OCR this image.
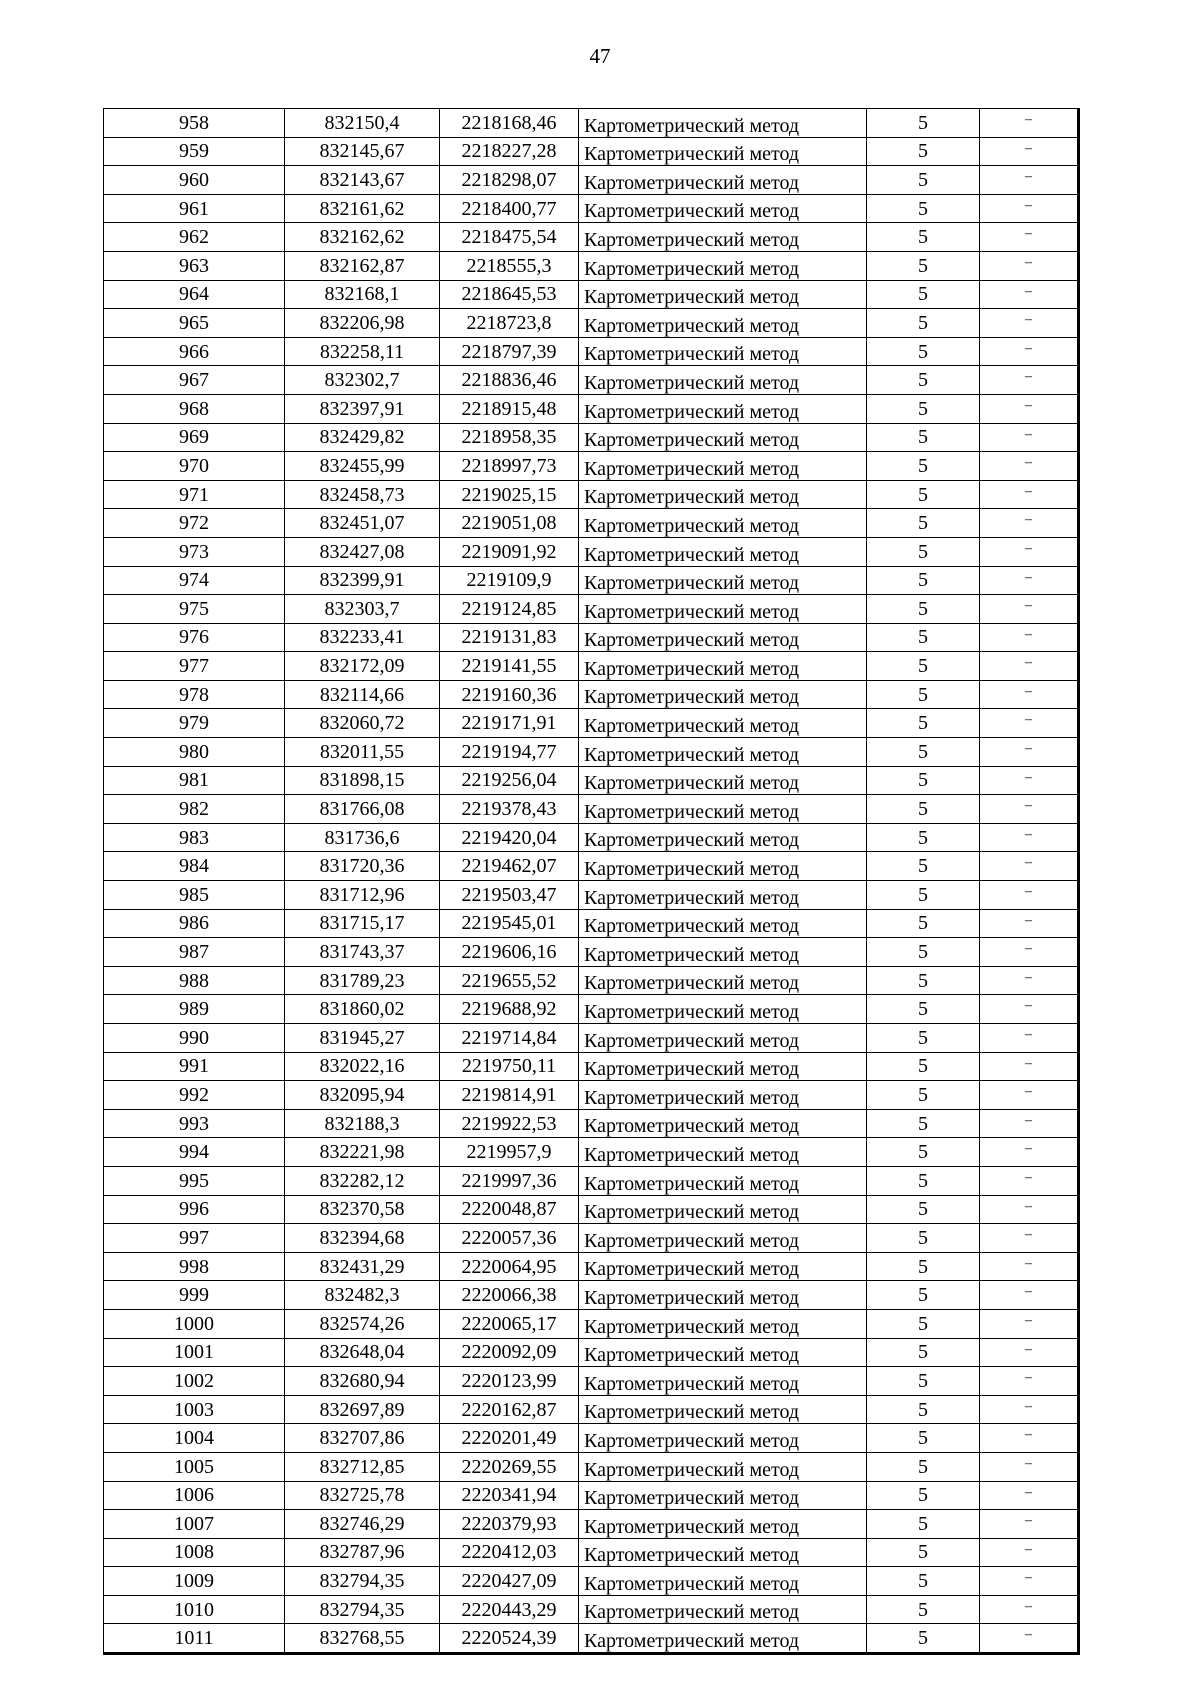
47
958	832150,4	2218168,46	Картометрический метод	5	–
959	832145,67	2218227,28	Картометрический метод	5	–
960	832143,67	2218298,07	Картометрический метод	5	–
961	832161,62	2218400,77	Картометрический метод	5	–
962	832162,62	2218475,54	Картометрический метод	5	–
963	832162,87	2218555,3	Картометрический метод	5	–
964	832168,1	2218645,53	Картометрический метод	5	–
965	832206,98	2218723,8	Картометрический метод	5	–
966	832258,11	2218797,39	Картометрический метод	5	–
967	832302,7	2218836,46	Картометрический метод	5	–
968	832397,91	2218915,48	Картометрический метод	5	–
969	832429,82	2218958,35	Картометрический метод	5	–
970	832455,99	2218997,73	Картометрический метод	5	–
971	832458,73	2219025,15	Картометрический метод	5	–
972	832451,07	2219051,08	Картометрический метод	5	–
973	832427,08	2219091,92	Картометрический метод	5	–
974	832399,91	2219109,9	Картометрический метод	5	–
975	832303,7	2219124,85	Картометрический метод	5	–
976	832233,41	2219131,83	Картометрический метод	5	–
977	832172,09	2219141,55	Картометрический метод	5	–
978	832114,66	2219160,36	Картометрический метод	5	–
979	832060,72	2219171,91	Картометрический метод	5	–
980	832011,55	2219194,77	Картометрический метод	5	–
981	831898,15	2219256,04	Картометрический метод	5	–
982	831766,08	2219378,43	Картометрический метод	5	–
983	831736,6	2219420,04	Картометрический метод	5	–
984	831720,36	2219462,07	Картометрический метод	5	–
985	831712,96	2219503,47	Картометрический метод	5	–
986	831715,17	2219545,01	Картометрический метод	5	–
987	831743,37	2219606,16	Картометрический метод	5	–
988	831789,23	2219655,52	Картометрический метод	5	–
989	831860,02	2219688,92	Картометрический метод	5	–
990	831945,27	2219714,84	Картометрический метод	5	–
991	832022,16	2219750,11	Картометрический метод	5	–
992	832095,94	2219814,91	Картометрический метод	5	–
993	832188,3	2219922,53	Картометрический метод	5	–
994	832221,98	2219957,9	Картометрический метод	5	–
995	832282,12	2219997,36	Картометрический метод	5	–
996	832370,58	2220048,87	Картометрический метод	5	–
997	832394,68	2220057,36	Картометрический метод	5	–
998	832431,29	2220064,95	Картометрический метод	5	–
999	832482,3	2220066,38	Картометрический метод	5	–
1000	832574,26	2220065,17	Картометрический метод	5	–
1001	832648,04	2220092,09	Картометрический метод	5	–
1002	832680,94	2220123,99	Картометрический метод	5	–
1003	832697,89	2220162,87	Картометрический метод	5	–
1004	832707,86	2220201,49	Картометрический метод	5	–
1005	832712,85	2220269,55	Картометрический метод	5	–
1006	832725,78	2220341,94	Картометрический метод	5	–
1007	832746,29	2220379,93	Картометрический метод	5	–
1008	832787,96	2220412,03	Картометрический метод	5	–
1009	832794,35	2220427,09	Картометрический метод	5	–
1010	832794,35	2220443,29	Картометрический метод	5	–
1011	832768,55	2220524,39	Картометрический метод	5	–
